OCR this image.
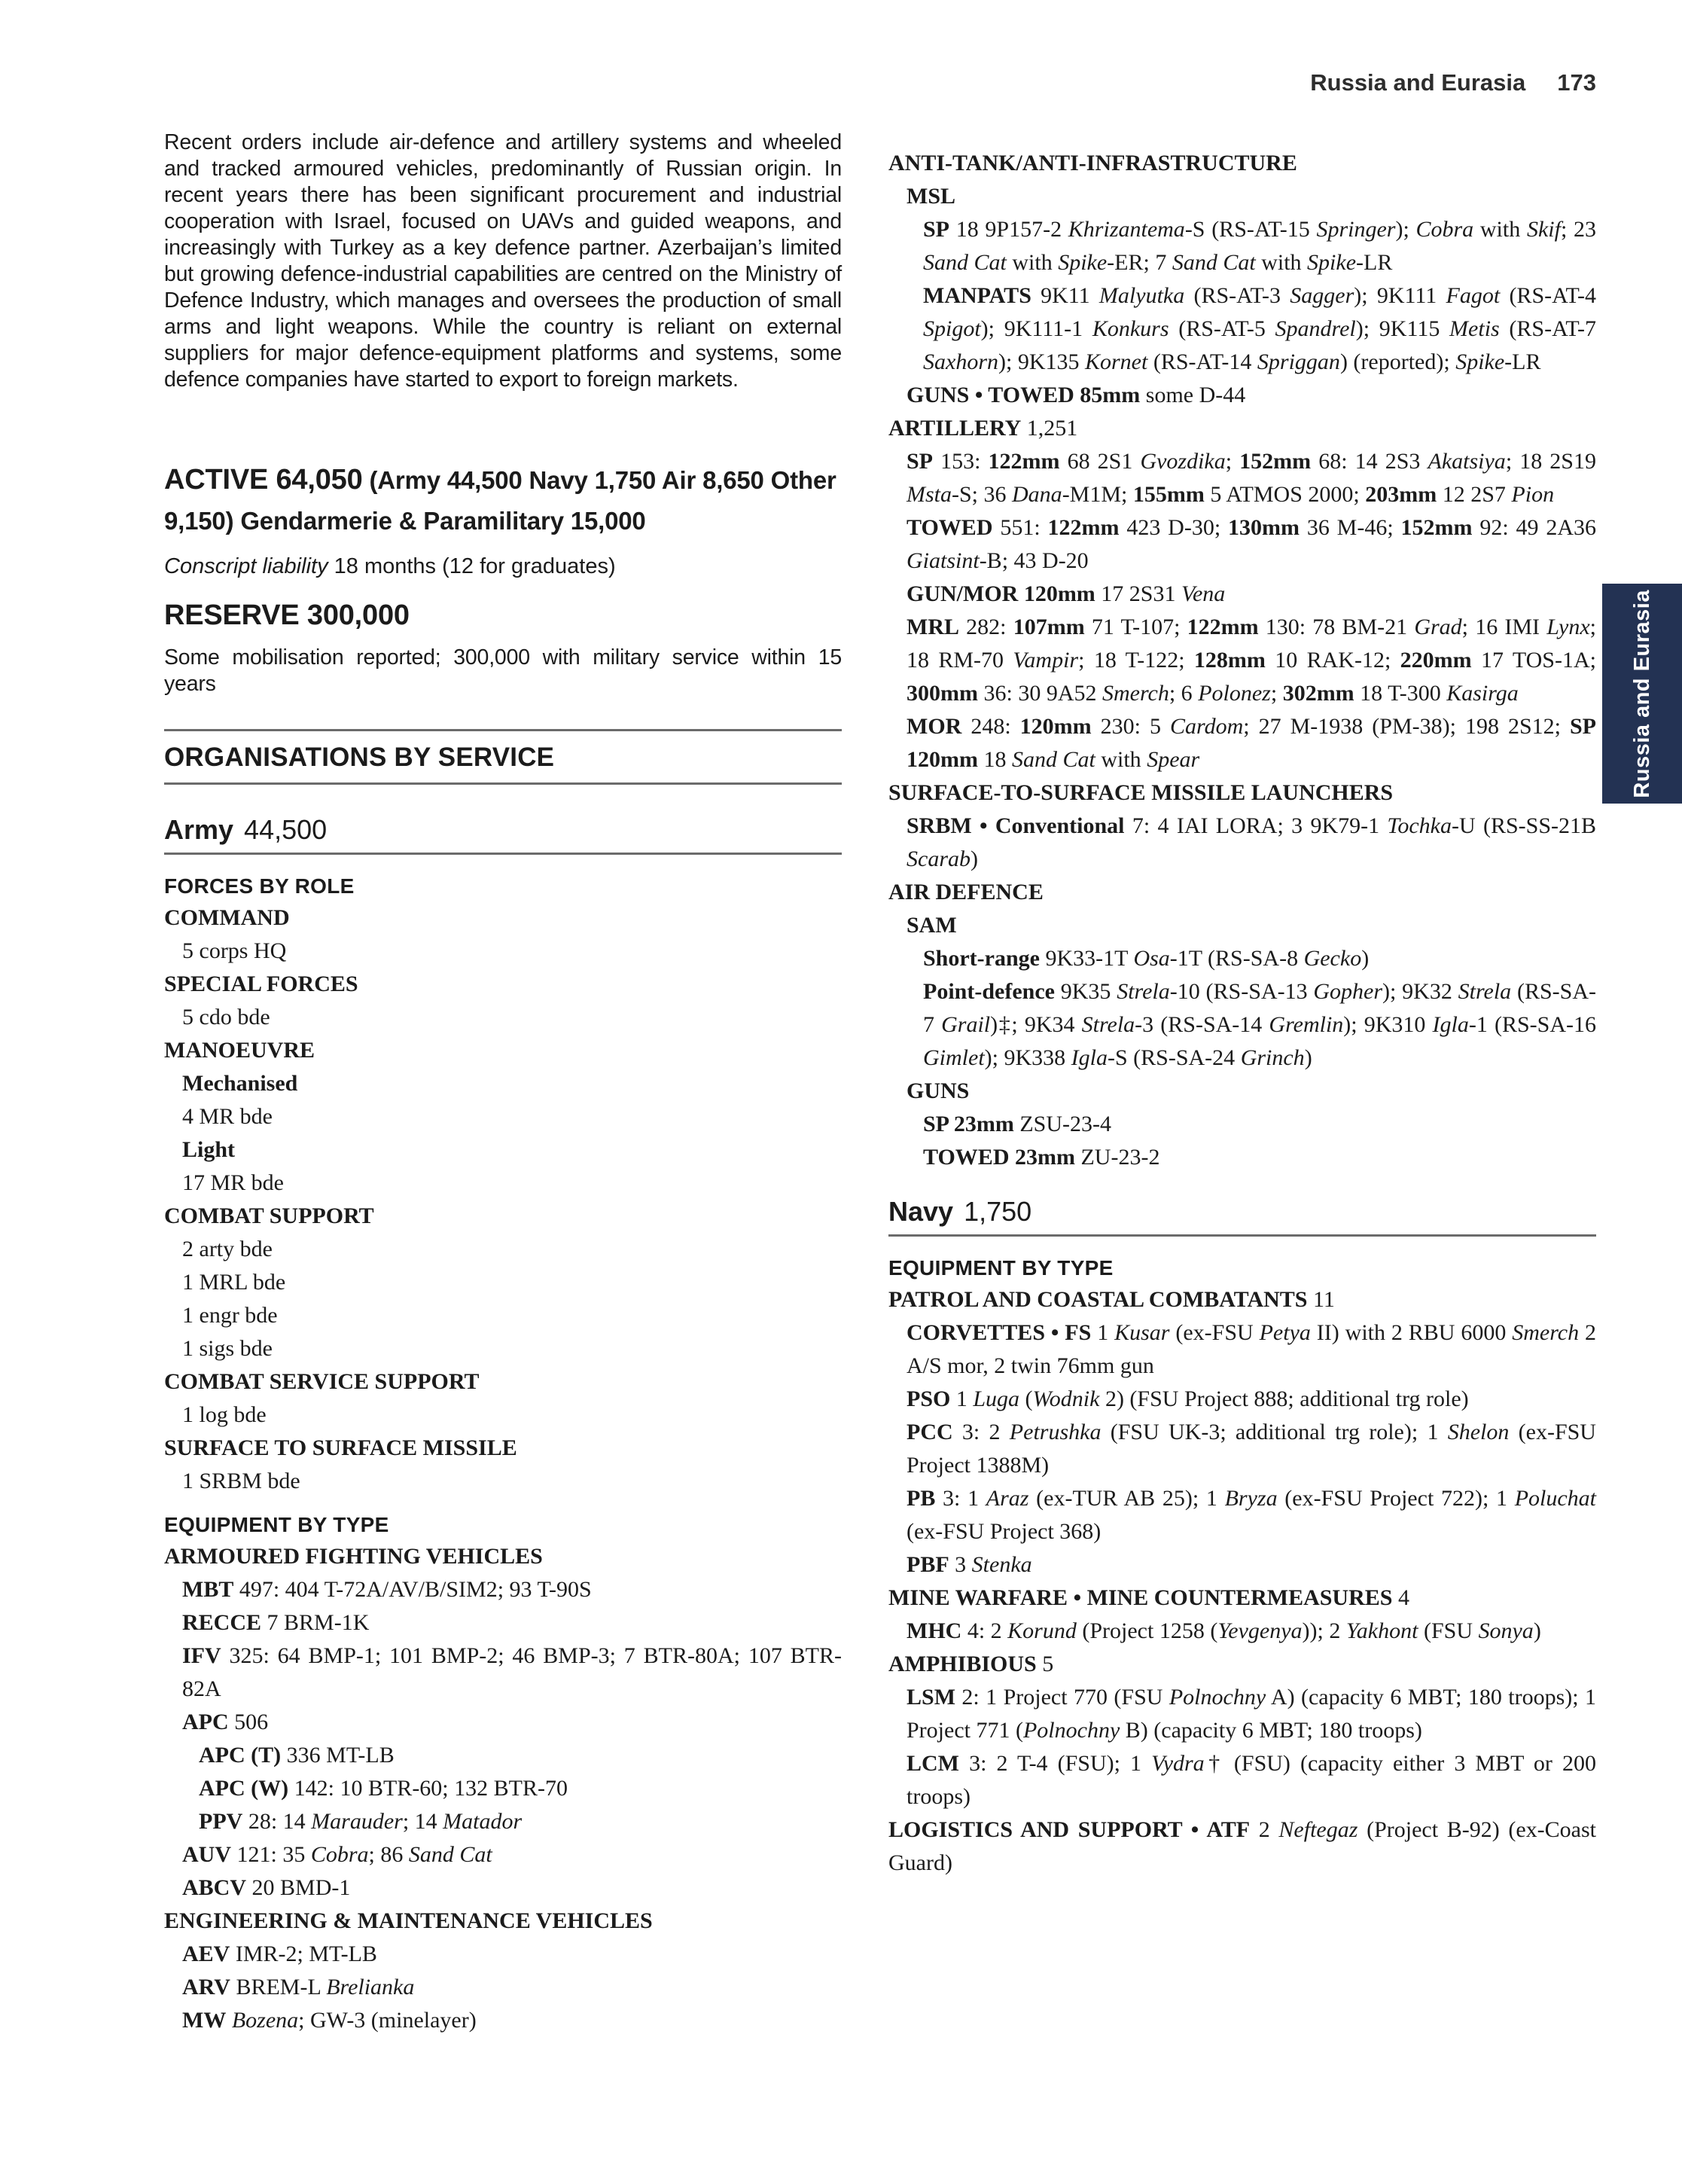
Russia and Eurasia 173
Russia and Eurasia
Recent orders include air-defence and artillery systems and wheeled and tracked armoured vehicles, predominantly of Russian origin. In recent years there has been significant procurement and industrial cooperation with Israel, focused on UAVs and guided weapons, and increasingly with Turkey as a key defence partner. Azerbaijan’s limited but growing defence-industrial capabilities are centred on the Ministry of Defence Industry, which manages and oversees the production of small arms and light weapons. While the country is reliant on external suppliers for major defence-equipment platforms and systems, some defence companies have started to export to foreign markets.
ACTIVE 64,050 (Army 44,500 Navy 1,750 Air 8,650 Other 9,150) Gendarmerie & Paramilitary 15,000
Conscript liability 18 months (12 for graduates)
RESERVE 300,000
Some mobilisation reported; 300,000 with military service within 15 years
ORGANISATIONS BY SERVICE
Army 44,500
FORCES BY ROLE
COMMAND
5 corps HQ
SPECIAL FORCES
5 cdo bde
MANOEUVRE
Mechanised
4 MR bde
Light
17 MR bde
COMBAT SUPPORT
2 arty bde
1 MRL bde
1 engr bde
1 sigs bde
COMBAT SERVICE SUPPORT
1 log bde
SURFACE TO SURFACE MISSILE
1 SRBM bde
EQUIPMENT BY TYPE
ARMOURED FIGHTING VEHICLES
MBT 497: 404 T-72A/AV/B/SIM2; 93 T-90S
RECCE 7 BRM-1K
IFV 325: 64 BMP-1; 101 BMP-2; 46 BMP-3; 7 BTR-80A; 107 BTR-82A
APC 506
APC (T) 336 MT-LB
APC (W) 142: 10 BTR-60; 132 BTR-70
PPV 28: 14 Marauder; 14 Matador
AUV 121: 35 Cobra; 86 Sand Cat
ABCV 20 BMD-1
ENGINEERING & MAINTENANCE VEHICLES
AEV IMR-2; MT-LB
ARV BREM-L Brelianka
MW Bozena; GW-3 (minelayer)
ANTI-TANK/ANTI-INFRASTRUCTURE
MSL
SP 18 9P157-2 Khrizantema-S (RS-AT-15 Springer); Cobra with Skif; 23 Sand Cat with Spike-ER; 7 Sand Cat with Spike-LR
MANPATS 9K11 Malyutka (RS-AT-3 Sagger); 9K111 Fagot (RS-AT-4 Spigot); 9K111-1 Konkurs (RS-AT-5 Spandrel); 9K115 Metis (RS-AT-7 Saxhorn); 9K135 Kornet (RS-AT-14 Spriggan) (reported); Spike-LR
GUNS • TOWED 85mm some D-44
ARTILLERY 1,251
SP 153: 122mm 68 2S1 Gvozdika; 152mm 68: 14 2S3 Akatsiya; 18 2S19 Msta-S; 36 Dana-M1M; 155mm 5 ATMOS 2000; 203mm 12 2S7 Pion
TOWED 551: 122mm 423 D-30; 130mm 36 M-46; 152mm 92: 49 2A36 Giatsint-B; 43 D-20
GUN/MOR 120mm 17 2S31 Vena
MRL 282: 107mm 71 T-107; 122mm 130: 78 BM-21 Grad; 16 IMI Lynx; 18 RM-70 Vampir; 18 T-122; 128mm 10 RAK-12; 220mm 17 TOS-1A; 300mm 36: 30 9A52 Smerch; 6 Polonez; 302mm 18 T-300 Kasirga
MOR 248: 120mm 230: 5 Cardom; 27 M-1938 (PM-38); 198 2S12; SP 120mm 18 Sand Cat with Spear
SURFACE-TO-SURFACE MISSILE LAUNCHERS
SRBM • Conventional 7: 4 IAI LORA; 3 9K79-1 Tochka-U (RS-SS-21B Scarab)
AIR DEFENCE
SAM
Short-range 9K33-1T Osa-1T (RS-SA-8 Gecko)
Point-defence 9K35 Strela-10 (RS-SA-13 Gopher); 9K32 Strela (RS-SA-7 Grail)‡; 9K34 Strela-3 (RS-SA-14 Gremlin); 9K310 Igla-1 (RS-SA-16 Gimlet); 9K338 Igla-S (RS-SA-24 Grinch)
GUNS
SP 23mm ZSU-23-4
TOWED 23mm ZU-23-2
Navy 1,750
EQUIPMENT BY TYPE
PATROL AND COASTAL COMBATANTS 11
CORVETTES • FS 1 Kusar (ex-FSU Petya II) with 2 RBU 6000 Smerch 2 A/S mor, 2 twin 76mm gun
PSO 1 Luga (Wodnik 2) (FSU Project 888; additional trg role)
PCC 3: 2 Petrushka (FSU UK-3; additional trg role); 1 Shelon (ex-FSU Project 1388M)
PB 3: 1 Araz (ex-TUR AB 25); 1 Bryza (ex-FSU Project 722); 1 Poluchat (ex-FSU Project 368)
PBF 3 Stenka
MINE WARFARE • MINE COUNTERMEASURES 4
MHC 4: 2 Korund (Project 1258 (Yevgenya)); 2 Yakhont (FSU Sonya)
AMPHIBIOUS 5
LSM 2: 1 Project 770 (FSU Polnochny A) (capacity 6 MBT; 180 troops); 1 Project 771 (Polnochny B) (capacity 6 MBT; 180 troops)
LCM 3: 2 T-4 (FSU); 1 Vydra† (FSU) (capacity either 3 MBT or 200 troops)
LOGISTICS AND SUPPORT • ATF 2 Neftegaz (Project B-92) (ex-Coast Guard)
